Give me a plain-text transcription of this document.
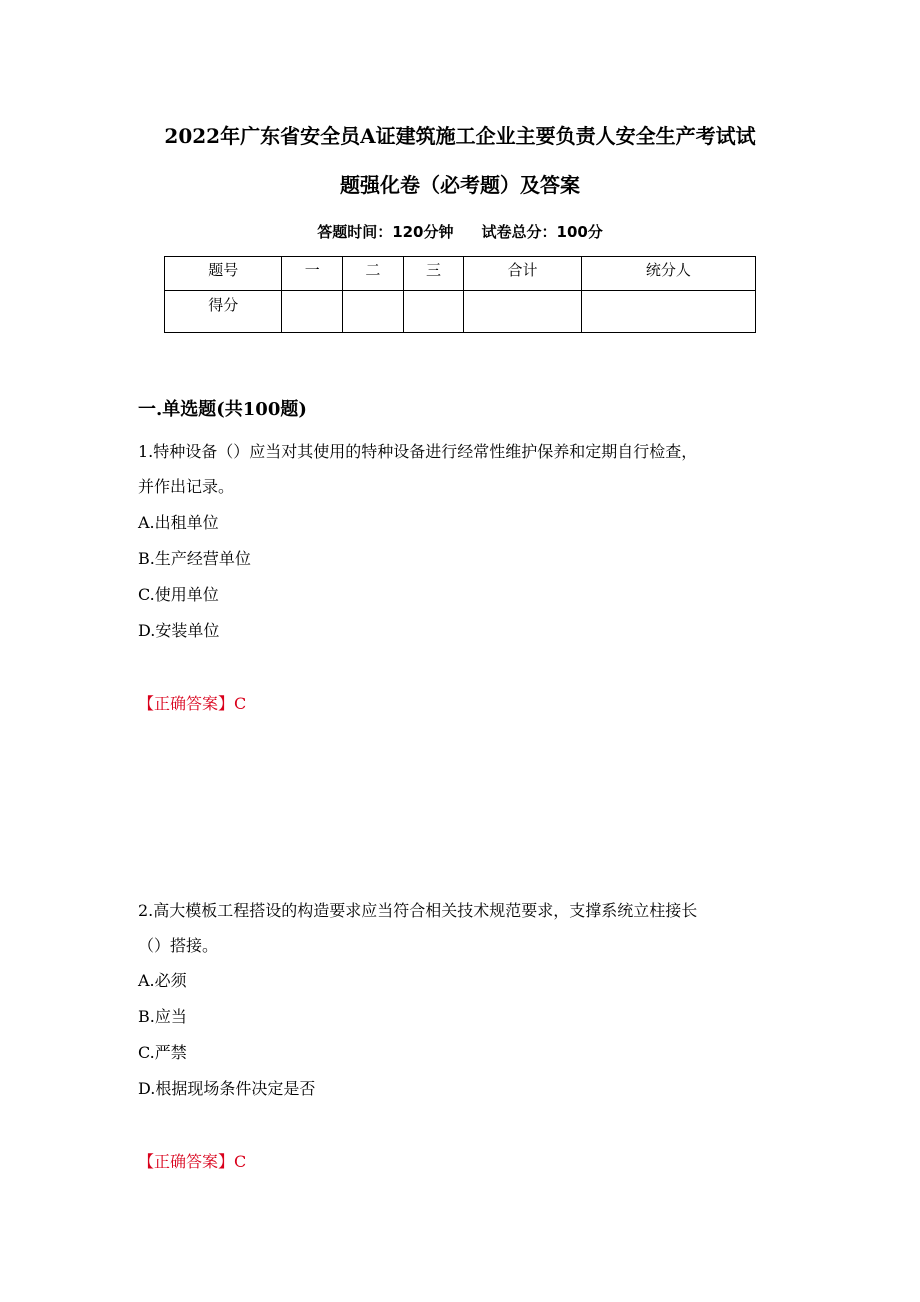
2022年广东省安全员A证建筑施工企业主要负责人安全生产考试试
题强化卷（必考题）及答案
答题时间：120分钟 试卷总分：100分
题号	一	二	三	合计	统分人
得分					
一.单选题(共100题)
1.特种设备（）应当对其使用的特种设备进行经常性维护保养和定期自行检查，
并作出记录。
A.出租单位
B.生产经营单位
C.使用单位
D.安装单位
【正确答案】C
2.高大模板工程搭设的构造要求应当符合相关技术规范要求，支撑系统立柱接长
（）搭接。
A.必须
B.应当
C.严禁
D.根据现场条件决定是否
【正确答案】C
